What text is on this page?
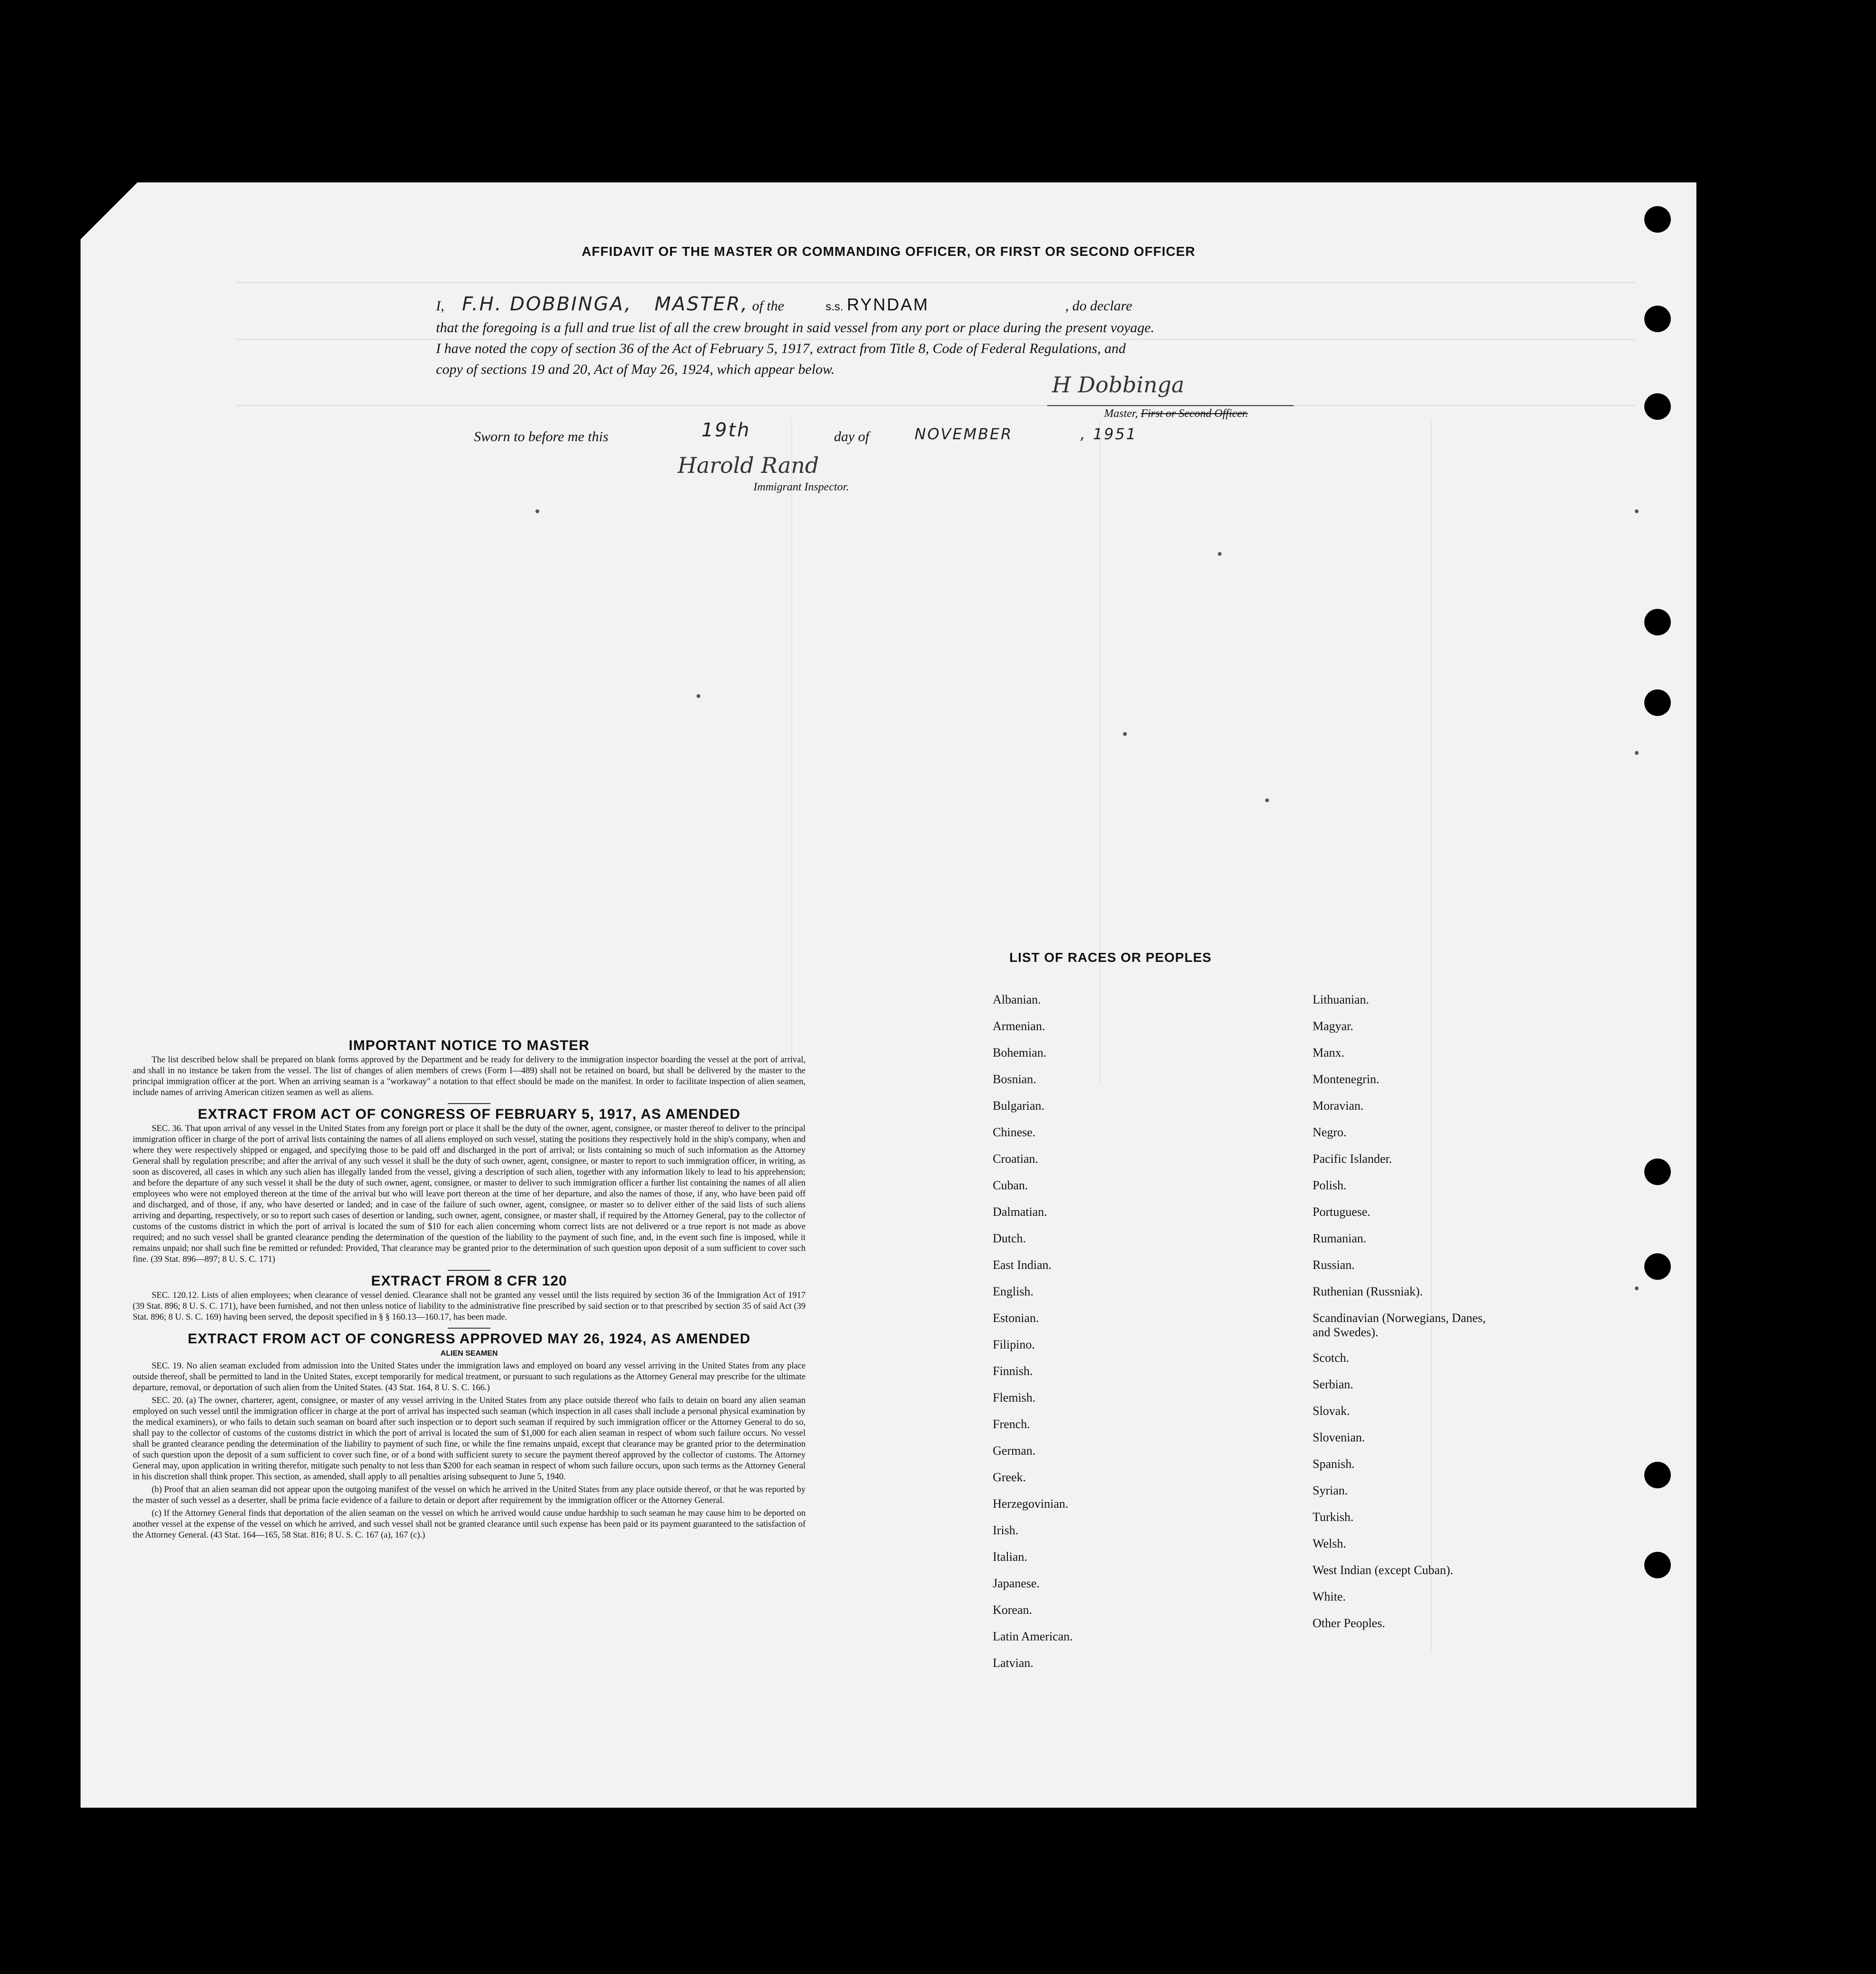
AFFIDAVIT OF THE MASTER OR COMMANDING OFFICER, OR FIRST OR SECOND OFFICER
I, F.H. DOBBINGA, MASTER, of the	s.s. RYNDAM	, do declare
that the foregoing is a full and true list of all the crew brought in said vessel from any port or place during the present voyage.
I have noted the copy of section 36 of the Act of February 5, 1917, extract from Title 8, Code of Federal Regulations, and
copy of sections 19 and 20, Act of May 26, 1924, which appear below.
H Dobbinga
Master, First or Second Officer.
Sworn to before me this	19th	day of	NOVEMBER	, 1951
Harold Rand
Immigrant Inspector.
IMPORTANT NOTICE TO MASTER

The list described below shall be prepared on blank forms approved by the Department and be ready for delivery to the immigration inspector boarding the vessel at the port of arrival, and shall in no instance be taken from the vessel. The list of changes of alien members of crews (Form I—489) shall not be retained on board, but shall be delivered by the master to the principal immigration officer at the port. When an arriving seaman is a "workaway" a notation to that effect should be made on the manifest. In order to facilitate inspection of alien seamen, include names of arriving American citizen seamen as well as aliens.

EXTRACT FROM ACT OF CONGRESS OF FEBRUARY 5, 1917, AS AMENDED

SEC. 36. That upon arrival of any vessel in the United States from any foreign port or place it shall be the duty of the owner, agent, consignee, or master thereof to deliver to the principal immigration officer in charge of the port of arrival lists containing the names of all aliens employed on such vessel, stating the positions they respectively hold in the ship's company, when and where they were respectively shipped or engaged, and specifying those to be paid off and discharged in the port of arrival; or lists containing so much of such information as the Attorney General shall by regulation prescribe; and after the arrival of any such vessel it shall be the duty of such owner, agent, consignee, or master to report to such immigration officer, in writing, as soon as discovered, all cases in which any such alien has illegally landed from the vessel, giving a description of such alien, together with any information likely to lead to his apprehension; and before the departure of any such vessel it shall be the duty of such owner, agent, consignee, or master to deliver to such immigration officer a further list containing the names of all alien employees who were not employed thereon at the time of the arrival but who will leave port thereon at the time of her departure, and also the names of those, if any, who have been paid off and discharged, and of those, if any, who have deserted or landed; and in case of the failure of such owner, agent, consignee, or master so to deliver either of the said lists of such aliens arriving and departing, respectively, or so to report such cases of desertion or landing, such owner, agent, consignee, or master shall, if required by the Attorney General, pay to the collector of customs of the customs district in which the port of arrival is located the sum of $10 for each alien concerning whom correct lists are not delivered or a true report is not made as above required; and no such vessel shall be granted clearance pending the determination of the question of the liability to the payment of such fine, and, in the event such fine is imposed, while it remains unpaid; nor shall such fine be remitted or refunded: Provided, That clearance may be granted prior to the determination of such question upon deposit of a sum sufficient to cover such fine. (39 Stat. 896—897; 8 U. S. C. 171)

EXTRACT FROM 8 CFR 120

SEC. 120.12. Lists of alien employees; when clearance of vessel denied. Clearance shall not be granted any vessel until the lists required by section 36 of the Immigration Act of 1917 (39 Stat. 896; 8 U. S. C. 171), have been furnished, and not then unless notice of liability to the administrative fine prescribed by said section or to that prescribed by section 35 of said Act (39 Stat. 896; 8 U. S. C. 169) having been served, the deposit specified in § § 160.13—160.17, has been made.

EXTRACT FROM ACT OF CONGRESS APPROVED MAY 26, 1924, AS AMENDED
ALIEN SEAMEN

SEC. 19. No alien seaman excluded from admission into the United States under the immigration laws and employed on board any vessel arriving in the United States from any place outside thereof, shall be permitted to land in the United States, except temporarily for medical treatment, or pursuant to such regulations as the Attorney General may prescribe for the ultimate departure, removal, or deportation of such alien from the United States. (43 Stat. 164, 8 U. S. C. 166.)

SEC. 20. (a) The owner, charterer, agent, consignee, or master of any vessel arriving in the United States from any place outside thereof who fails to detain on board any alien seaman employed on such vessel until the immigration officer in charge at the port of arrival has inspected such seaman (which inspection in all cases shall include a personal physical examination by the medical examiners), or who fails to detain such seaman on board after such inspection or to deport such seaman if required by such immigration officer or the Attorney General to do so, shall pay to the collector of customs of the customs district in which the port of arrival is located the sum of $1,000 for each alien seaman in respect of whom such failure occurs. No vessel shall be granted clearance pending the determination of the liability to payment of such fine, or while the fine remains unpaid, except that clearance may be granted prior to the determination of such question upon the deposit of a sum sufficient to cover such fine, or of a bond with sufficient surety to secure the payment thereof approved by the collector of customs. The Attorney General may, upon application in writing therefor, mitigate such penalty to not less than $200 for each seaman in respect of whom such failure occurs, upon such terms as the Attorney General in his discretion shall think proper. This section, as amended, shall apply to all penalties arising subsequent to June 5, 1940.

(b) Proof that an alien seaman did not appear upon the outgoing manifest of the vessel on which he arrived in the United States from any place outside thereof, or that he was reported by the master of such vessel as a deserter, shall be prima facie evidence of a failure to detain or deport after requirement by the immigration officer or the Attorney General.

(c) If the Attorney General finds that deportation of the alien seaman on the vessel on which he arrived would cause undue hardship to such seaman he may cause him to be deported on another vessel at the expense of the vessel on which he arrived, and such vessel shall not be granted clearance until such expense has been paid or its payment guaranteed to the satisfaction of the Attorney General. (43 Stat. 164—165, 58 Stat. 816; 8 U. S. C. 167 (a), 167 (c).)

LIST OF RACES OR PEOPLES
Albanian.
Armenian.
Bohemian.
Bosnian.
Bulgarian.
Chinese.
Croatian.
Cuban.
Dalmatian.
Dutch.
East Indian.
English.
Estonian.
Filipino.
Finnish.
Flemish.
French.
German.
Greek.
Herzegovinian.
Irish.
Italian.
Japanese.
Korean.
Latin American.
Latvian.
Lithuanian.
Magyar.
Manx.
Montenegrin.
Moravian.
Negro.
Pacific Islander.
Polish.
Portuguese.
Rumanian.
Russian.
Ruthenian (Russniak).
Scandinavian (Norwegians, Danes, and Swedes).
Scotch.
Serbian.
Slovak.
Slovenian.
Spanish.
Syrian.
Turkish.
Welsh.
West Indian (except Cuban).
White.
Other Peoples.
